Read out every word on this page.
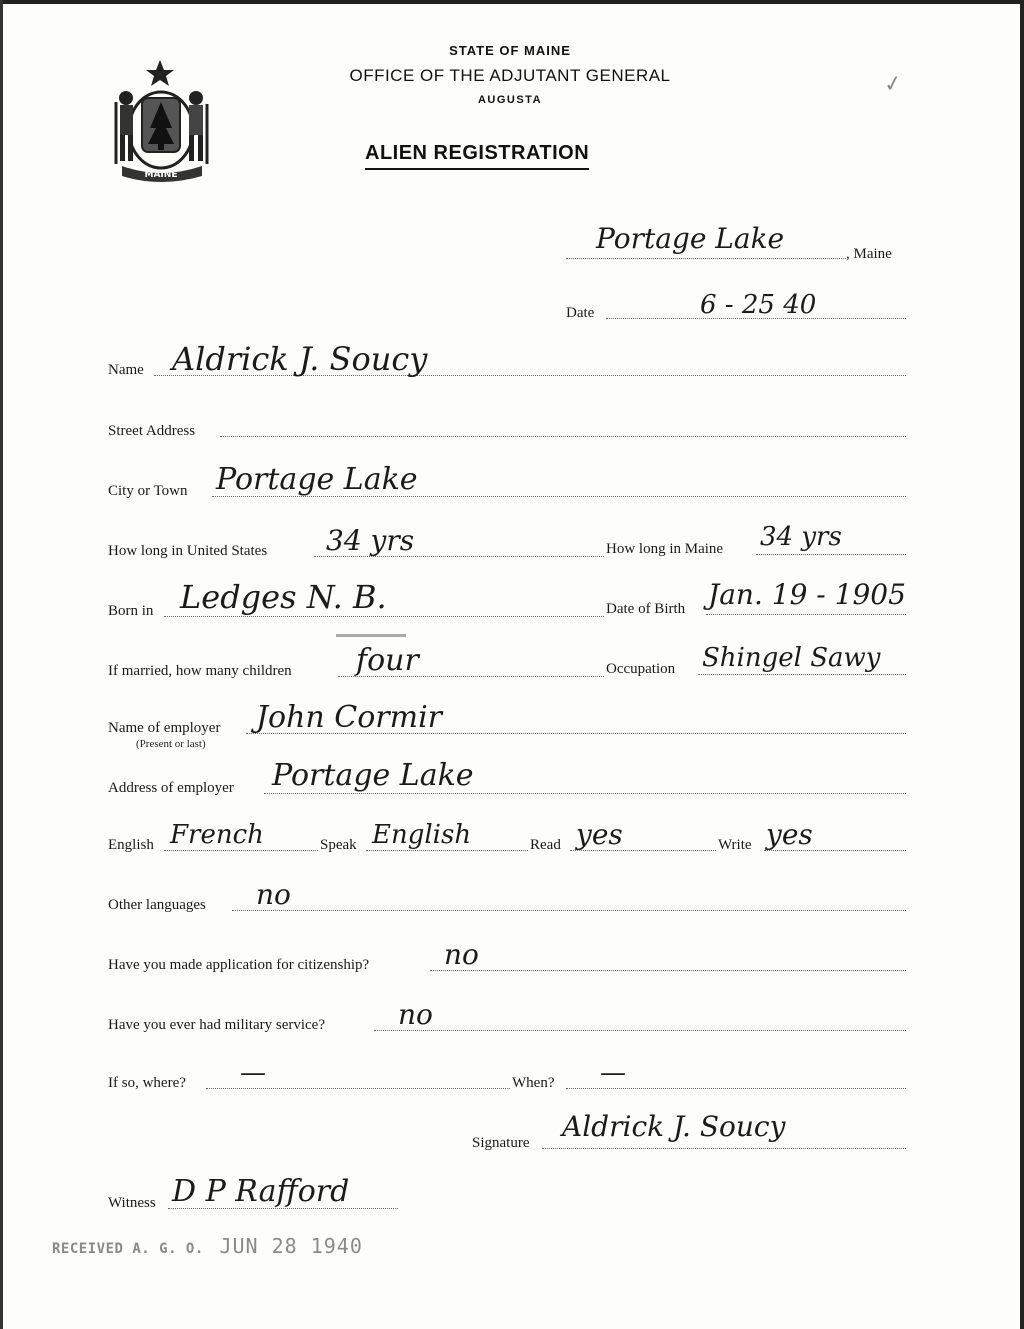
MAINE
STATE OF MAINE
OFFICE OF THE ADJUTANT GENERAL
AUGUSTA
ALIEN REGISTRATION
✓
Portage Lake	, Maine
Date	6 - 25 40
Name Aldrick J. Soucy
Street Address
City or Town Portage Lake
How long in United States 34 yrs	How long in Maine 34 yrs
Born in Ledges N. B.	Date of Birth Jan. 19 - 1905
If married, how many children four	Occupation Shingel Sawy
Name of employer
(Present or last)
John Cormir
Address of employer Portage Lake
English French	Speak English	Read yes	Write yes
Other languages no
Have you made application for citizenship?	no
Have you ever had military service?	no
If so, where? —	When? —
Signature Aldrick J. Soucy
Witness D P Rafford
RECEIVED A. G. O. JUN 28 1940
